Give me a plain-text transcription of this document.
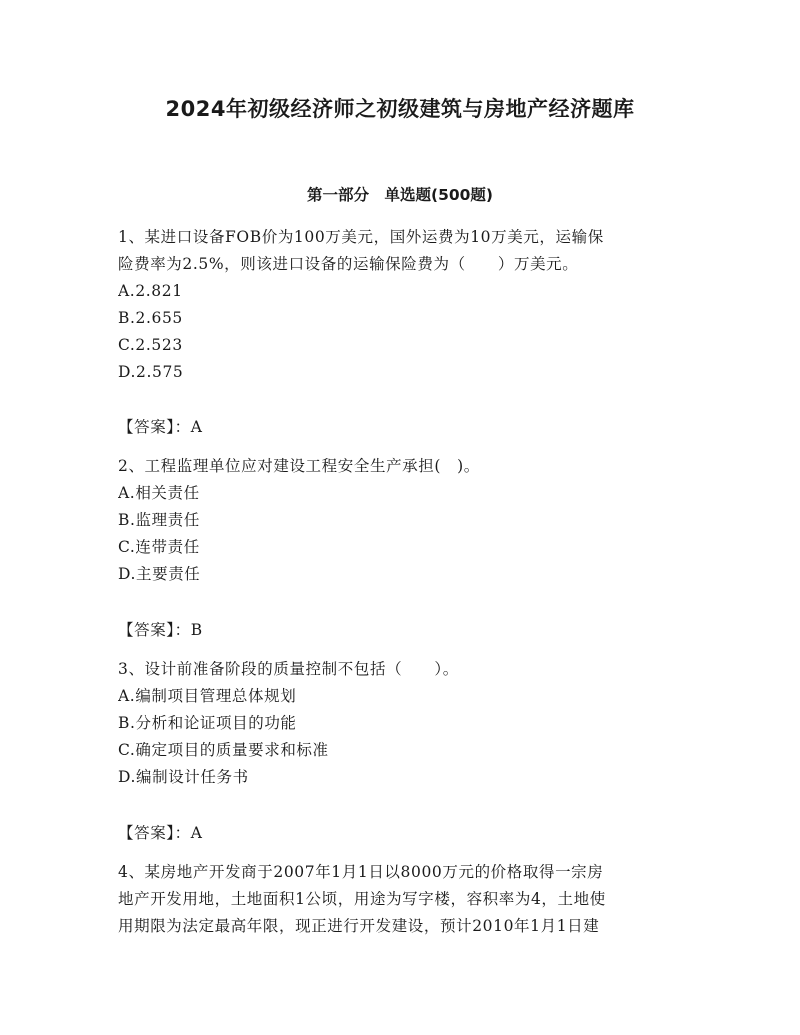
2024年初级经济师之初级建筑与房地产经济题库
第一部分　单选题(500题)
1、某进口设备FOB价为100万美元，国外运费为10万美元，运输保
险费率为2.5%，则该进口设备的运输保险费为（　　）万美元。
A.2.821
B.2.655
C.2.523
D.2.575
【答案】：A
2、工程监理单位应对建设工程安全生产承担(　)。
A.相关责任
B.监理责任
C.连带责任
D.主要责任
【答案】：B
3、设计前准备阶段的质量控制不包括（　　）。
A.编制项目管理总体规划
B.分析和论证项目的功能
C.确定项目的质量要求和标准
D.编制设计任务书
【答案】：A
4、某房地产开发商于2007年1月1日以8000万元的价格取得一宗房
地产开发用地，土地面积1公顷，用途为写字楼，容积率为4，土地使
用期限为法定最高年限，现正进行开发建设，预计2010年1月1日建
